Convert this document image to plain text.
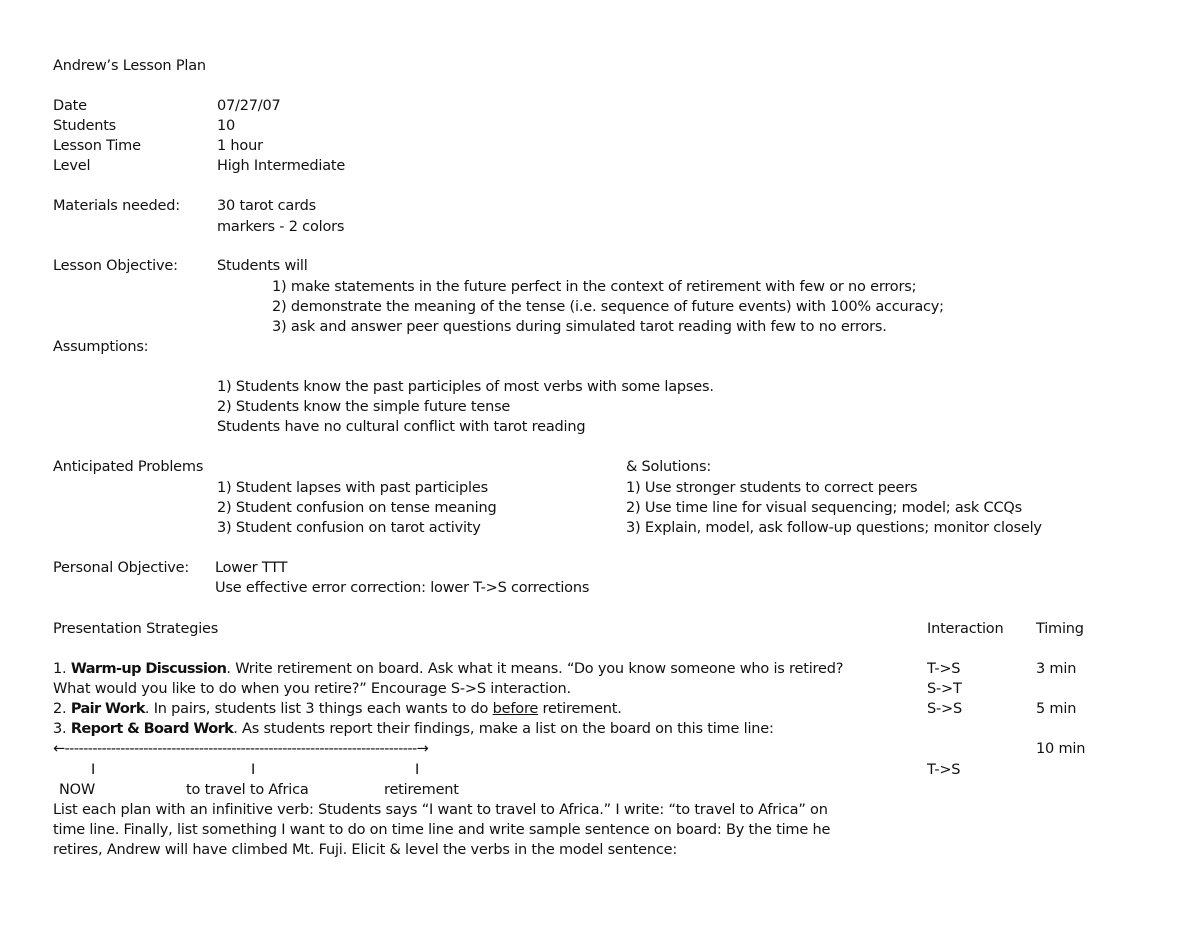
Andrew’s Lesson Plan
Date	07/27/07
Students	10
Lesson Time	1 hour
Level	High Intermediate
Materials needed:	30 tarot cards
markers - 2 colors
Lesson Objective:	Students will
1) make statements in the future perfect in the context of retirement with few or no errors;
2) demonstrate the meaning of the tense (i.e. sequence of future events) with 100% accuracy;
3) ask and answer peer questions during simulated tarot reading with few to no errors.
Assumptions:
1) Students know the past participles of most verbs with some lapses.
2) Students know the simple future tense
Students have no cultural conflict with tarot reading
Anticipated Problems	& Solutions:
1) Student lapses with past participles	1) Use stronger students to correct peers
2) Student confusion on tense meaning	2) Use time line for visual sequencing; model; ask CCQs
3) Student confusion on tarot activity	3) Explain, model, ask follow-up questions; monitor closely
Personal Objective: Lower TTT
Use effective error correction: lower T->S corrections
Presentation Strategies	Interaction Timing
1. Warm-up Discussion. Write retirement on board. Ask what it means. “Do you know someone who is retired?	T->S	3 min
What would you like to do when you retire?” Encourage S->S interaction.	S->T
2. Pair Work. In pairs, students list 3 things each wants to do before retirement.	S->S	5 min
3. Report & Board Work. As students report their findings, make a list on the board on this time line:
←----------------------------------------------------------------------------→	10 min
I	I	I	T->S
NOW	to travel to Africa	retirement
List each plan with an infinitive verb: Students says “I want to travel to Africa.” I write: “to travel to Africa” on
time line. Finally, list something I want to do on time line and write sample sentence on board: By the time he
retires, Andrew will have climbed Mt. Fuji. Elicit & level the verbs in the model sentence:
